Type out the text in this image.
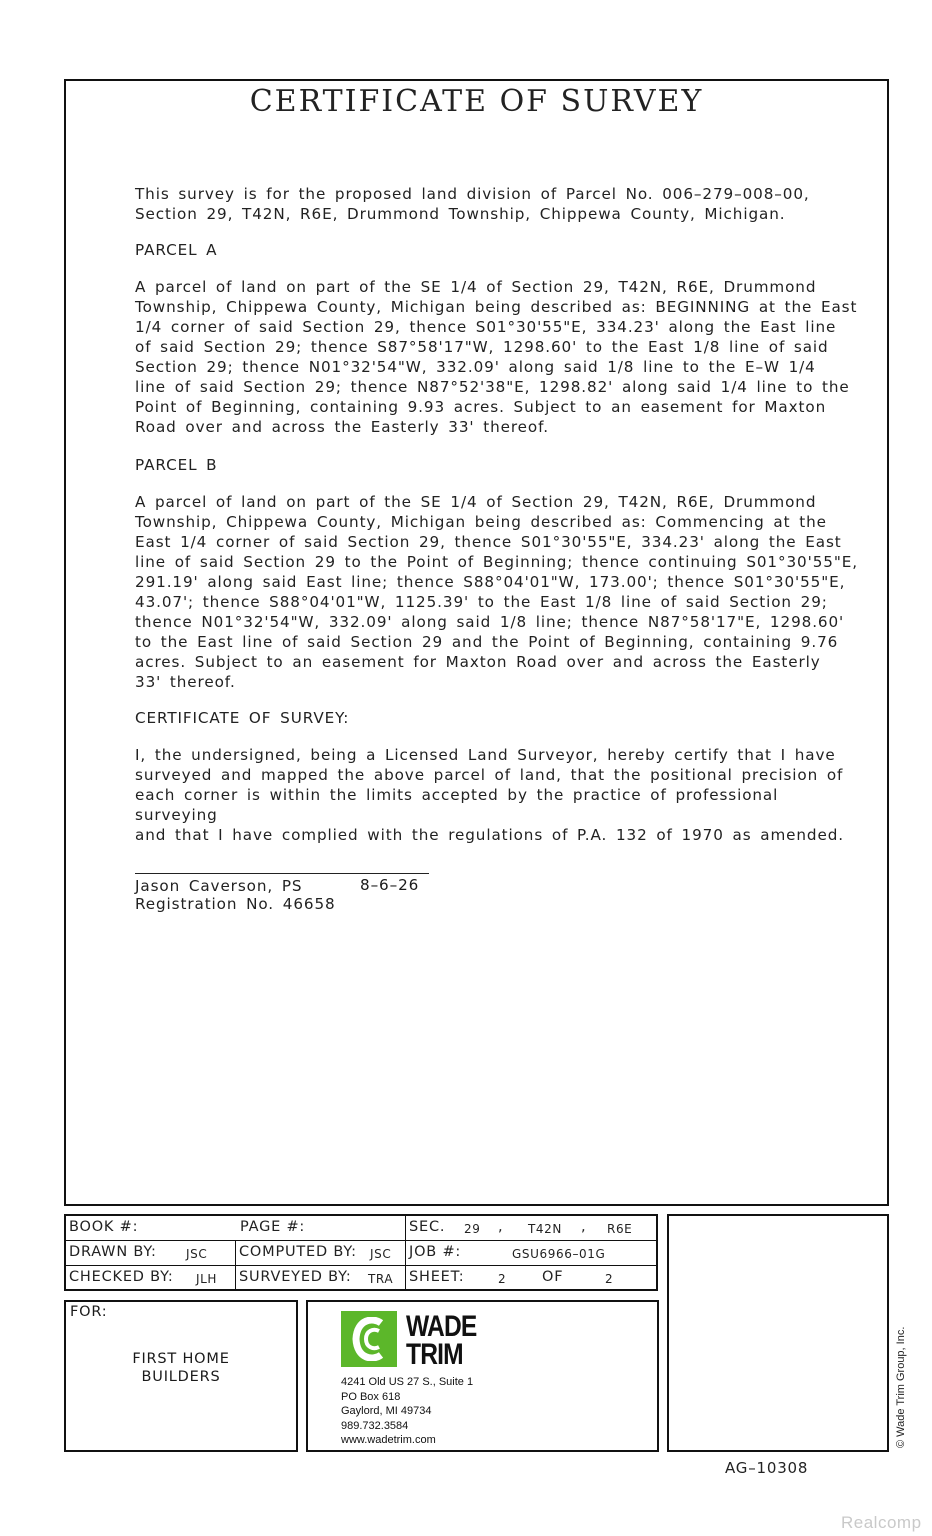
CERTIFICATE OF SURVEY
This survey is for the proposed land division of Parcel No. 006–279–008–00,
Section 29, T42N, R6E, Drummond Township, Chippewa County, Michigan.
PARCEL A
A parcel of land on part of the SE 1/4 of Section 29, T42N, R6E, Drummond
Township, Chippewa County, Michigan being described as: BEGINNING at the East
1/4 corner of said Section 29, thence S01°30'55"E, 334.23' along the East line
of said Section 29; thence S87°58'17"W, 1298.60' to the East 1/8 line of said
Section 29; thence N01°32'54"W, 332.09' along said 1/8 line to the E–W 1/4
line of said Section 29; thence N87°52'38"E, 1298.82' along said 1/4 line to the
Point of Beginning, containing 9.93 acres. Subject to an easement for Maxton
Road over and across the Easterly 33' thereof.
PARCEL B
A parcel of land on part of the SE 1/4 of Section 29, T42N, R6E, Drummond
Township, Chippewa County, Michigan being described as: Commencing at the
East 1/4 corner of said Section 29, thence S01°30'55"E, 334.23' along the East
line of said Section 29 to the Point of Beginning; thence continuing S01°30'55"E,
291.19' along said East line; thence S88°04'01"W, 173.00'; thence S01°30'55"E,
43.07'; thence S88°04'01"W, 1125.39' to the East 1/8 line of said Section 29;
thence N01°32'54"W, 332.09' along said 1/8 line; thence N87°58'17"E, 1298.60'
to the East line of said Section 29 and the Point of Beginning, containing 9.76
acres. Subject to an easement for Maxton Road over and across the Easterly
33' thereof.
CERTIFICATE OF SURVEY:
I, the undersigned, being a Licensed Land Surveyor, hereby certify that I have
surveyed and mapped the above parcel of land, that the positional precision of
each corner is within the limits accepted by the practice of professional surveying
and that I have complied with the regulations of P.A. 132 of 1970 as amended.
Jason Caverson, PS	8–6–26
Registration No. 46658
BOOK #:	PAGE #:	SEC. 29 , T42N , R6E
DRAWN BY: JSC COMPUTED BY: JSC JOB #:	GSU6966–01G
CHECKED BY: JLH SURVEYED BY: TRA SHEET:	2 OF	2
FOR:
FIRST HOME
BUILDERS
WADE
TRIM
4241 Old US 27 S., Suite 1
PO Box 618
Gaylord, MI 49734
989.732.3584
www.wadetrim.com	© Wade Trim Group, Inc.
AG–10308
Realcomp
